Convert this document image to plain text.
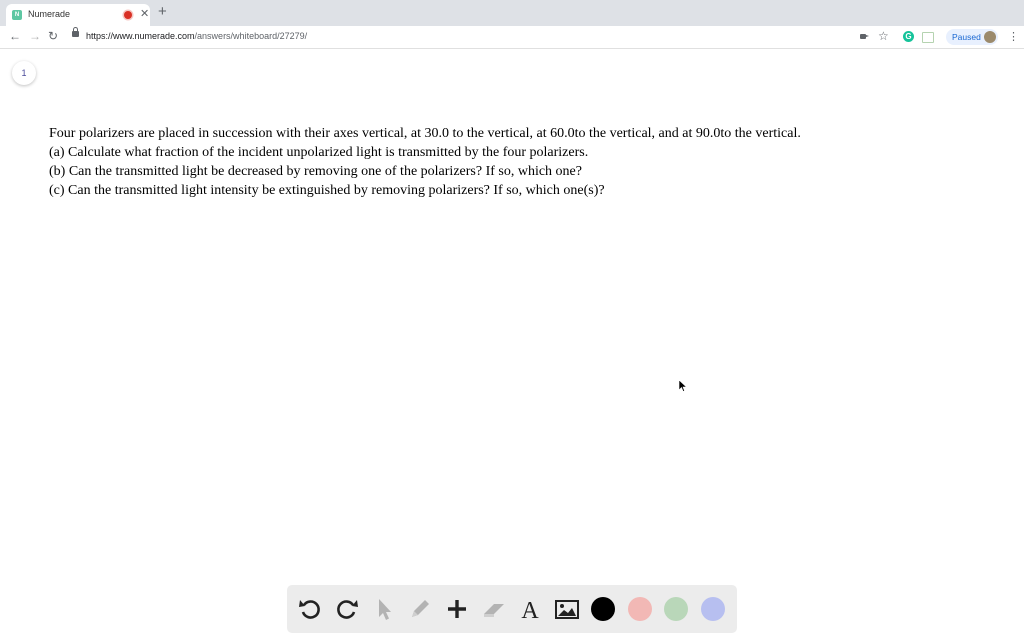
N Numerade	✕ +
← → ↻	https://www.numerade.com/answers/whiteboard/27279/	☆ G	Paused ⋮
1
Four polarizers are placed in succession with their axes vertical, at 30.0 to the vertical, at 60.0to the vertical, and at 90.0to the vertical.
(a) Calculate what fraction of the incident unpolarized light is transmitted by the four polarizers.
(b) Can the transmitted light be decreased by removing one of the polarizers? If so, which one?
(c) Can the transmitted light intensity be extinguished by removing polarizers? If so, which one(s)?
A
